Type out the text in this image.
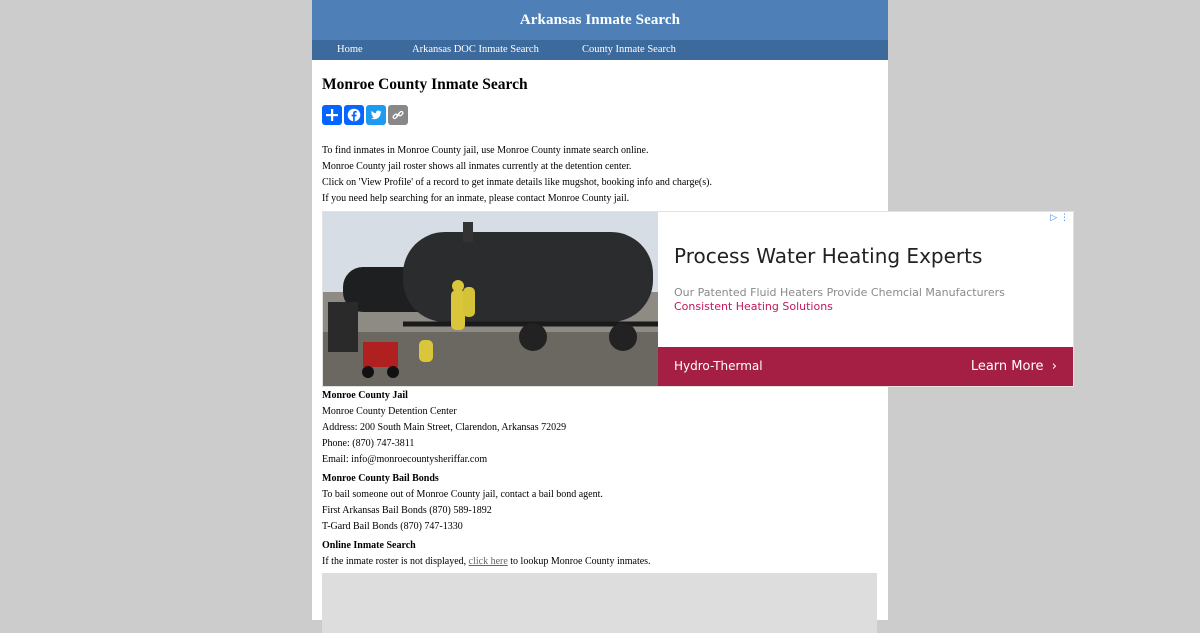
Arkansas Inmate Search
Home	Arkansas DOC Inmate Search	County Inmate Search
Monroe County Inmate Search
To find inmates in Monroe County jail, use Monroe County inmate search online.
Monroe County jail roster shows all inmates currently at the detention center.
Click on 'View Profile' of a record to get inmate details like mugshot, booking info and charge(s).
If you need help searching for an inmate, please contact Monroe County jail.
Monroe County Jail
Monroe County Detention Center
Address: 200 South Main Street, Clarendon, Arkansas 72029
Phone: (870) 747-3811
Email: info@monroecountysheriffar.com
Monroe County Bail Bonds
To bail someone out of Monroe County jail, contact a bail bond agent.
First Arkansas Bail Bonds (870) 589-1892
T-Gard Bail Bonds (870) 747-1330
Online Inmate Search
If the inmate roster is not displayed, click here to lookup Monroe County inmates.
▷ ⋮
Process Water Heating Experts
Our Patented Fluid Heaters Provide Chemcial Manufacturers Consistent Heating Solutions
Hydro-Thermal	Learn More ›
